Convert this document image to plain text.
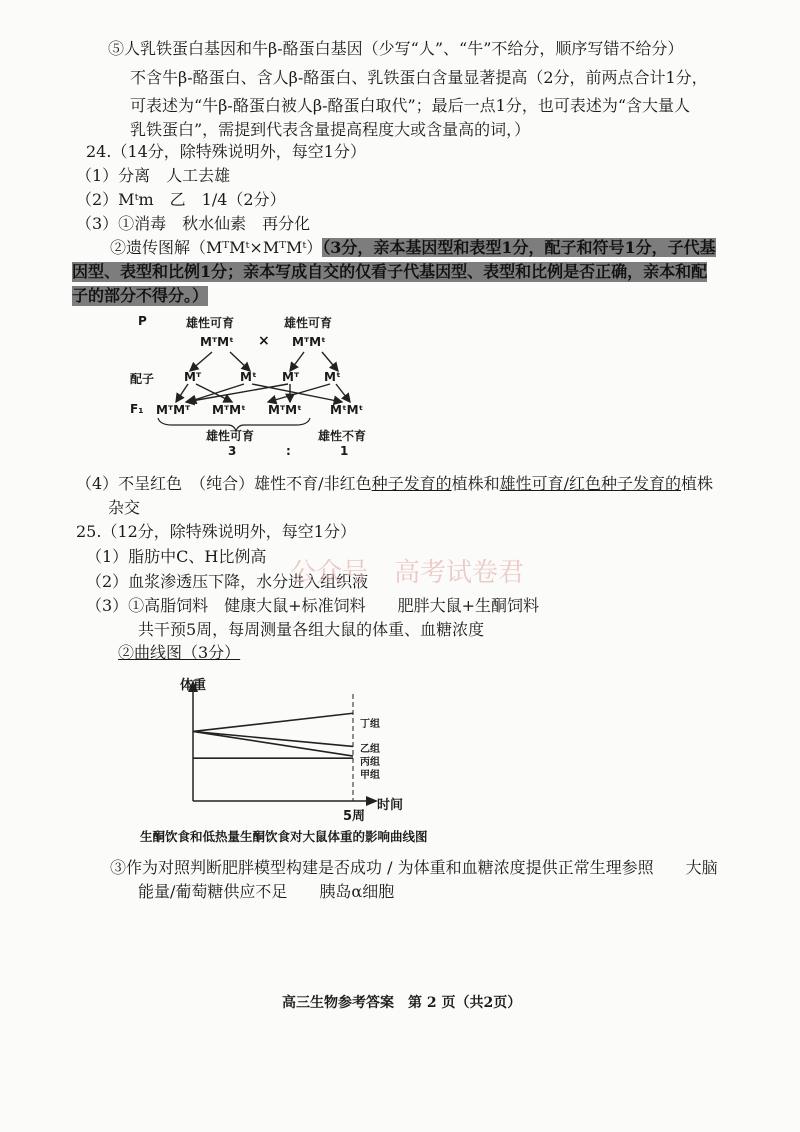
⑤人乳铁蛋白基因和牛β-酪蛋白基因（少写“人”、“牛”不给分，顺序写错不给分）
不含牛β-酪蛋白、含人β-酪蛋白、乳铁蛋白含量显著提高（2分，前两点合计1分，
可表述为“牛β-酪蛋白被人β-酪蛋白取代”；最后一点1分，也可表述为“含大量人
乳铁蛋白”，需提到代表含量提高程度大或含量高的词，）
24.（14分，除特殊说明外，每空1分）
（1）分离　人工去雄
（2）Mᵗm　乙　1/4（2分）
（3）①消毒　秋水仙素　再分化
②遗传图解（MᵀMᵗ×MᵀMᵗ）（3分，亲本基因型和表型1分，配子和符号1分，子代基
因型、表型和比例1分；亲本写成自交的仅看子代基因型、表型和比例是否正确，亲本和配
子的部分不得分。）
P	雄性可育	雄性可育
MᵀMᵗ × MᵀMᵗ
配子 Mᵀ	Mᵗ Mᵀ Mᵗ
F₁ MᵀMᵀ MᵀMᵗ MᵀMᵗ MᵗMᵗ
雄性可育	雄性不育
3	:	1
（4）不呈红色　（纯合）雄性不育/非红色种子发育的植株和雄性可育/红色种子发育的植株
杂交
25.（12分，除特殊说明外，每空1分）
（1）脂肪中C、H比例高
（2）血浆渗透压下降，水分进入组织液
（3）①高脂饲料　健康大鼠+标准饲料　　肥胖大鼠+生酮饲料
共干预5周，每周测量各组大鼠的体重、血糖浓度
②曲线图（3分）
公众号　高考试卷君
体重
时间
5周
丁组
乙组
丙组
甲组
生酮饮食和低热量生酮饮食对大鼠体重的影响曲线图
③作为对照判断肥胖模型构建是否成功 / 为体重和血糖浓度提供正常生理参照　　大脑
能量/葡萄糖供应不足　　胰岛α细胞
高三生物参考答案　第 2 页（共2页）
